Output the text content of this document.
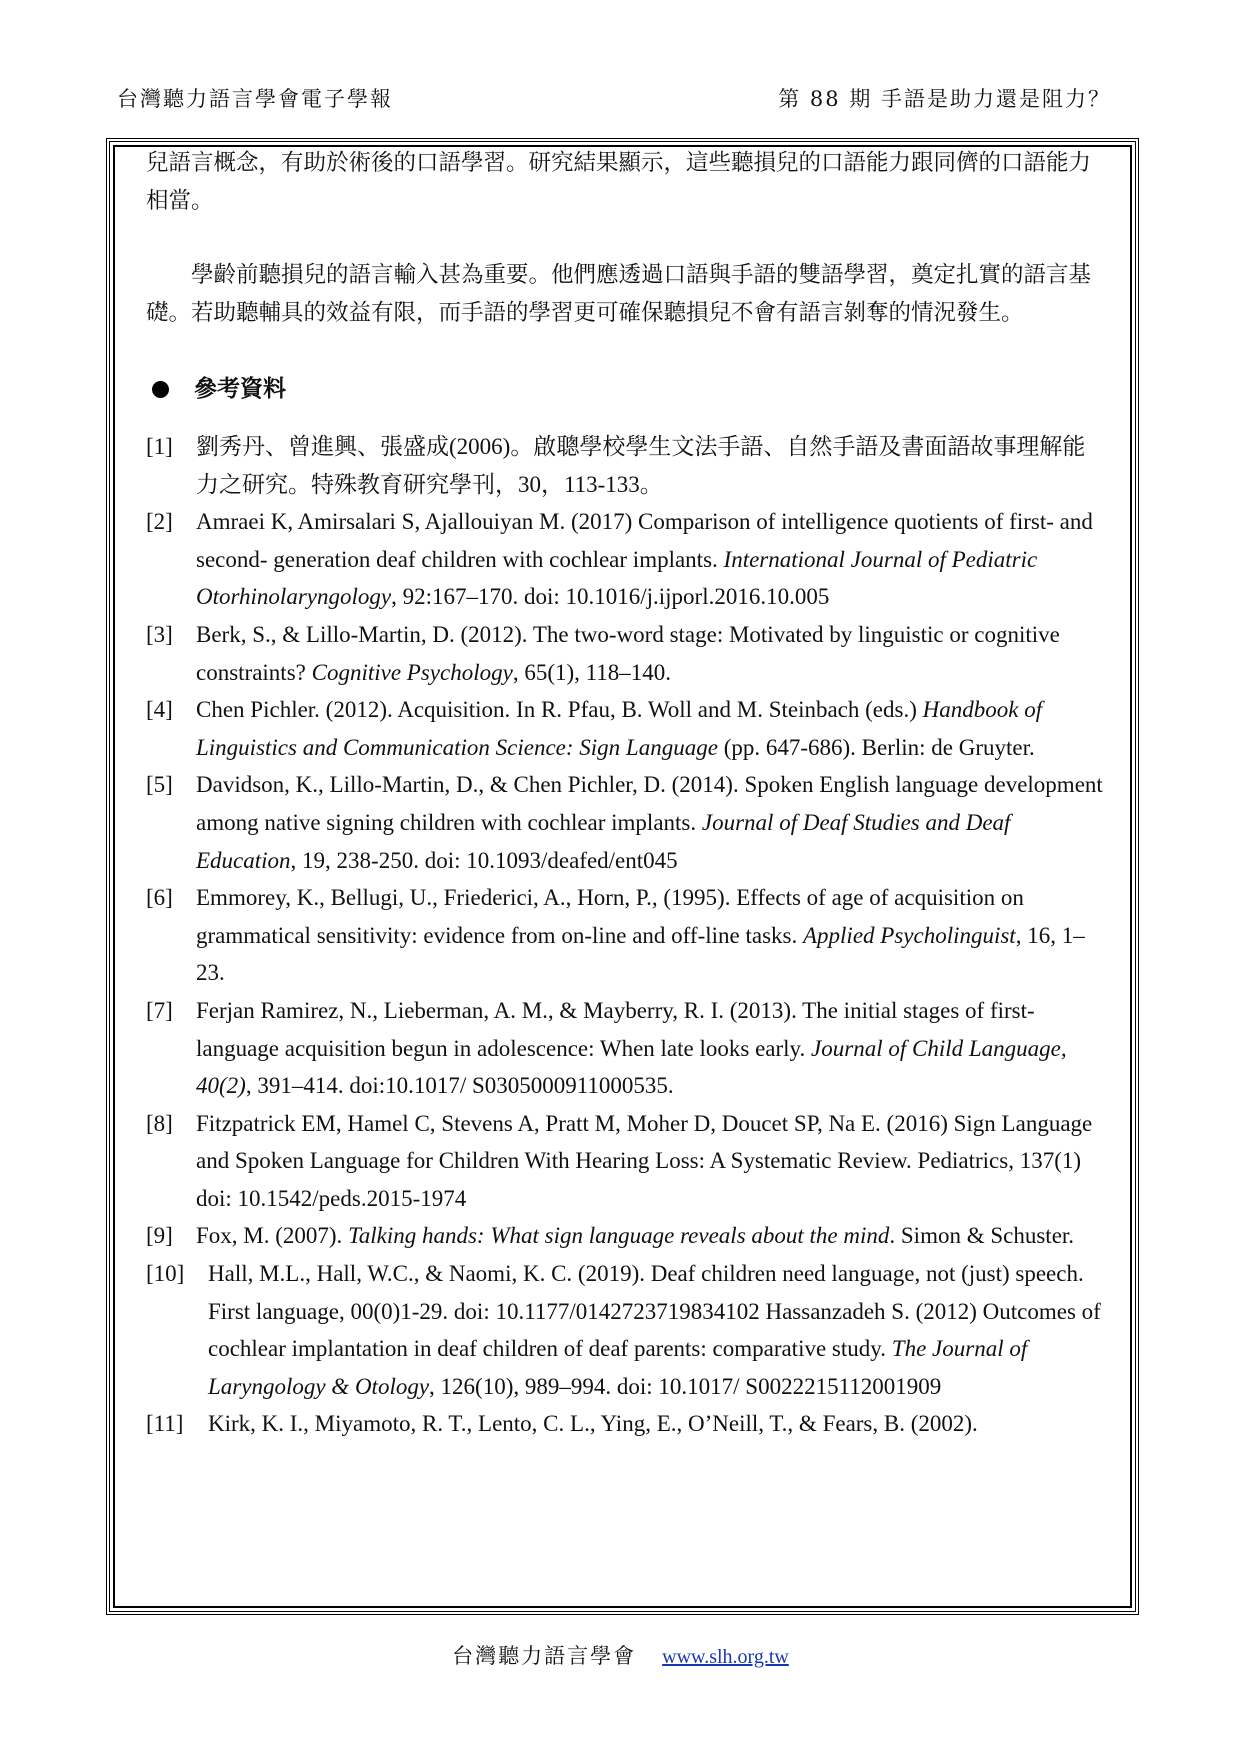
台灣聽力語言學會電子學報	第 88 期 手語是助力還是阻力？

兒語言概念，有助於術後的口語學習。研究結果顯示，這些聽損兒的口語能力跟同儕的口語能力相當。

學齡前聽損兒的語言輸入甚為重要。他們應透過口語與手語的雙語學習，奠定扎實的語言基礎。若助聽輔具的效益有限，而手語的學習更可確保聽損兒不會有語言剝奪的情況發生。

參考資料
[1]	劉秀丹、曾進興、張盛成(2006)。啟聰學校學生文法手語、自然手語及書面語故事理解能力之研究。特殊教育研究學刊，30，113-133。
[2]	Amraei K, Amirsalari S, Ajallouiyan M. (2017) Comparison of intelligence quotients of first- and second- generation deaf children with cochlear implants. International Journal of Pediatric Otorhinolaryngology, 92:167–170. doi: 10.1016/j.ijporl.2016.10.005
[3]	Berk, S., & Lillo-Martin, D. (2012). The two-word stage: Motivated by linguistic or cognitive constraints? Cognitive Psychology, 65(1), 118–140.
[4]	Chen Pichler. (2012). Acquisition. In R. Pfau, B. Woll and M. Steinbach (eds.) Handbook of Linguistics and Communication Science: Sign Language (pp. 647-686). Berlin: de Gruyter.
[5]	Davidson, K., Lillo-Martin, D., & Chen Pichler, D. (2014). Spoken English language development among native signing children with cochlear implants. Journal of Deaf Studies and Deaf Education, 19, 238-250. doi: 10.1093/deafed/ent045
[6]	Emmorey, K., Bellugi, U., Friederici, A., Horn, P., (1995). Effects of age of acquisition on grammatical sensitivity: evidence from on-line and off-line tasks. Applied Psycholinguist, 16, 1–23.
[7]	Ferjan Ramirez, N., Lieberman, A. M., & Mayberry, R. I. (2013). The initial stages of first-language acquisition begun in adolescence: When late looks early. Journal of Child Language, 40(2), 391–414. doi:10.1017/ S0305000911000535.
[8]	Fitzpatrick EM, Hamel C, Stevens A, Pratt M, Moher D, Doucet SP, Na E. (2016) Sign Language and Spoken Language for Children With Hearing Loss: A Systematic Review. Pediatrics, 137(1) doi: 10.1542/peds.2015-1974
[9]	Fox, M. (2007). Talking hands: What sign language reveals about the mind. Simon & Schuster.
[10]	Hall, M.L., Hall, W.C., & Naomi, K. C. (2019). Deaf children need language, not (just) speech. First language, 00(0)1-29. doi: 10.1177/0142723719834102 Hassanzadeh S. (2012) Outcomes of cochlear implantation in deaf children of deaf parents: comparative study. The Journal of Laryngology & Otology, 126(10), 989–994. doi: 10.1017/ S0022215112001909
[11]	Kirk, K. I., Miyamoto, R. T., Lento, C. L., Ying, E., O’Neill, T., & Fears, B. (2002).
台灣聽力語言學會 www.slh.org.tw
